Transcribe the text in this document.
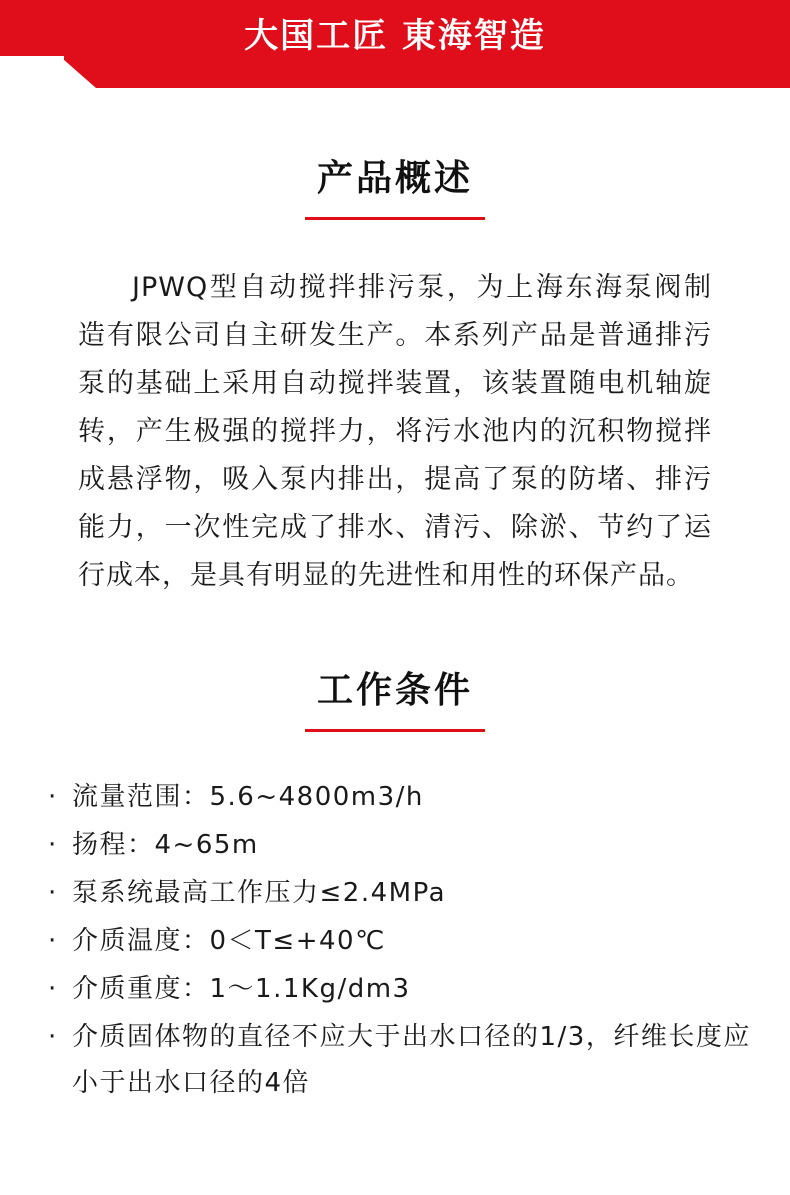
大国工匠 東海智造
产品概述

JPWQ型自动搅拌排污泵，为上海东海泵阀制造有限公司自主研发生产。本系列产品是普通排污泵的基础上采用自动搅拌装置，该装置随电机轴旋转，产生极强的搅拌力，将污水池内的沉积物搅拌成悬浮物，吸入泵内排出，提高了泵的防堵、排污能力，一次性完成了排水、清污、除淤、节约了运行成本，是具有明显的先进性和用性的环保产品。

工作条件
· 流量范围：5.6~4800m3/h
· 扬程：4~65m
· 泵系统最高工作压力≤2.4MPa
· 介质温度：0＜T≤+40℃
· 介质重度：1～1.1Kg/dm3
· 介质固体物的直径不应大于出水口径的1/3，纤维长度应小于出水口径的4倍
